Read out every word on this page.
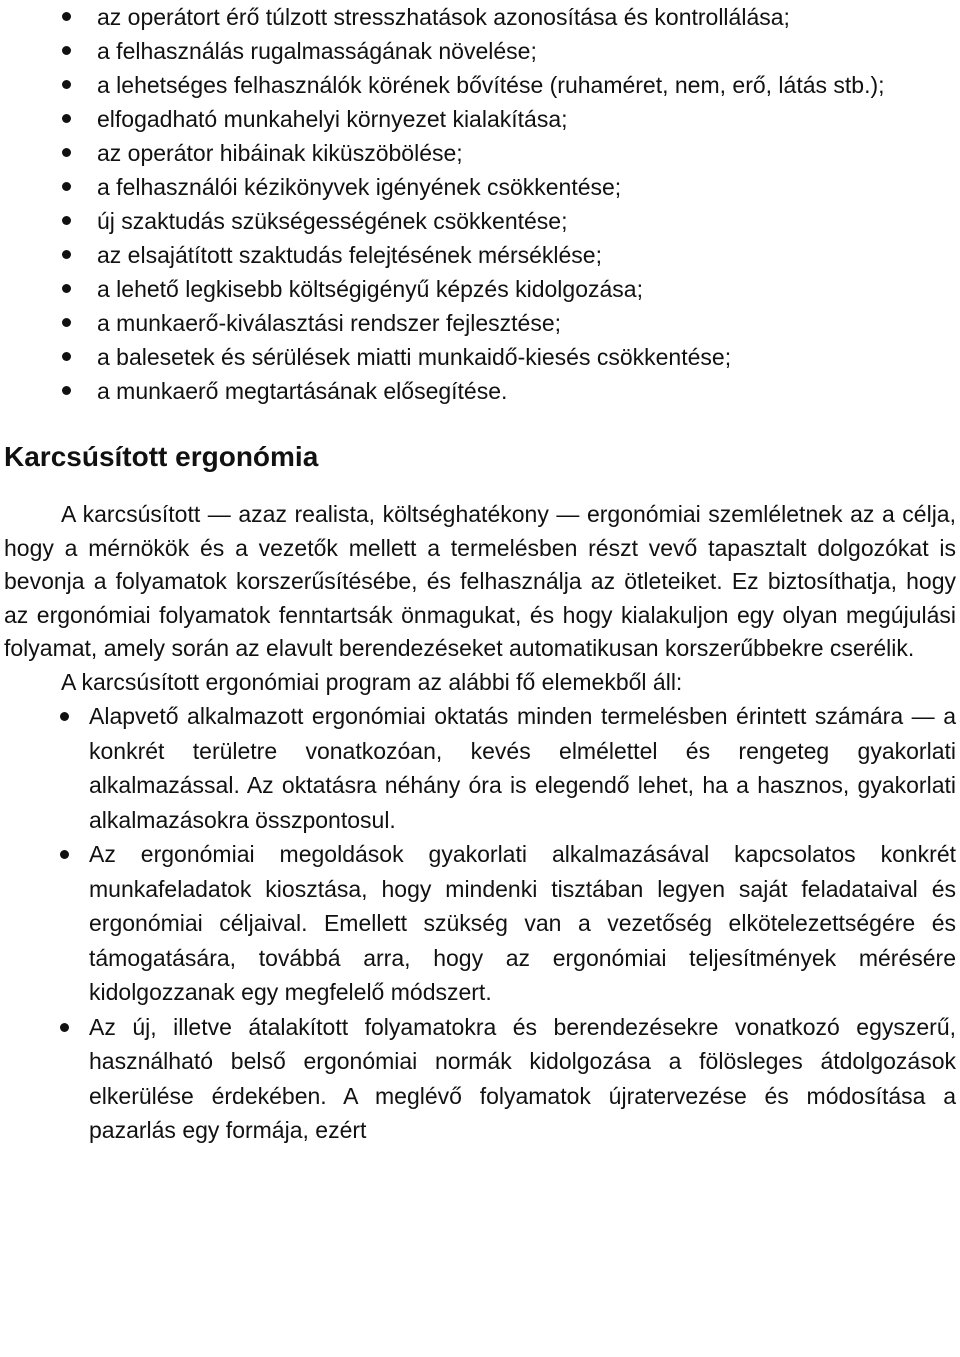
az operátort érő túlzott stresszhatások azonosítása és kontrollálása;
a felhasználás rugalmasságának növelése;
a lehetséges felhasználók körének bővítése (ruhaméret, nem, erő, látás stb.);
elfogadható munkahelyi környezet kialakítása;
az operátor hibáinak kiküszöbölése;
a felhasználói kézikönyvek igényének csökkentése;
új szaktudás szükségességének csökkentése;
az elsajátított szaktudás felejtésének mérséklése;
a lehető legkisebb költségigényű képzés kidolgozása;
a munkaerő-kiválasztási rendszer fejlesztése;
a balesetek és sérülések miatti munkaidő-kiesés csökkentése;
a munkaerő megtartásának elősegítése.
Karcsúsított ergonómia

A karcsúsított — azaz realista, költséghatékony — ergonómiai szemléletnek az a célja, hogy a mérnökök és a vezetők mellett a termelésben részt vevő tapasztalt dolgozókat is bevonja a folyamatok korszerűsítésébe, és felhasználja az ötleteiket. Ez biztosíthatja, hogy az ergonómiai folyamatok fenntartsák önmagukat, és hogy kialakuljon egy olyan megújulási folyamat, amely során az elavult berendezéseket automatikusan korszerűbbekre cserélik.

A karcsúsított ergonómiai program az alábbi fő elemekből áll:

Alapvető alkalmazott ergonómiai oktatás minden termelésben érintett számára — a konkrét területre vonatkozóan, kevés elmélettel és rengeteg gyakorlati alkalmazással. Az oktatásra néhány óra is elegendő lehet, ha a hasznos, gyakorlati alkalmazásokra összpontosul.
Az ergonómiai megoldások gyakorlati alkalmazásával kapcsolatos konkrét munkafeladatok kiosztása, hogy mindenki tisztában legyen saját feladataival és ergonómiai céljaival. Emellett szükség van a vezetőség elkötelezettségére és támogatására, továbbá arra, hogy az ergonómiai teljesítmények mérésére kidolgozzanak egy megfelelő módszert.
Az új, illetve átalakított folyamatokra és berendezésekre vonatkozó egyszerű, használható belső ergonómiai normák kidolgozása a fölösleges átdolgozások elkerülése érdekében. A meglévő folyamatok újratervezése és módosítása a pazarlás egy formája, ezért
